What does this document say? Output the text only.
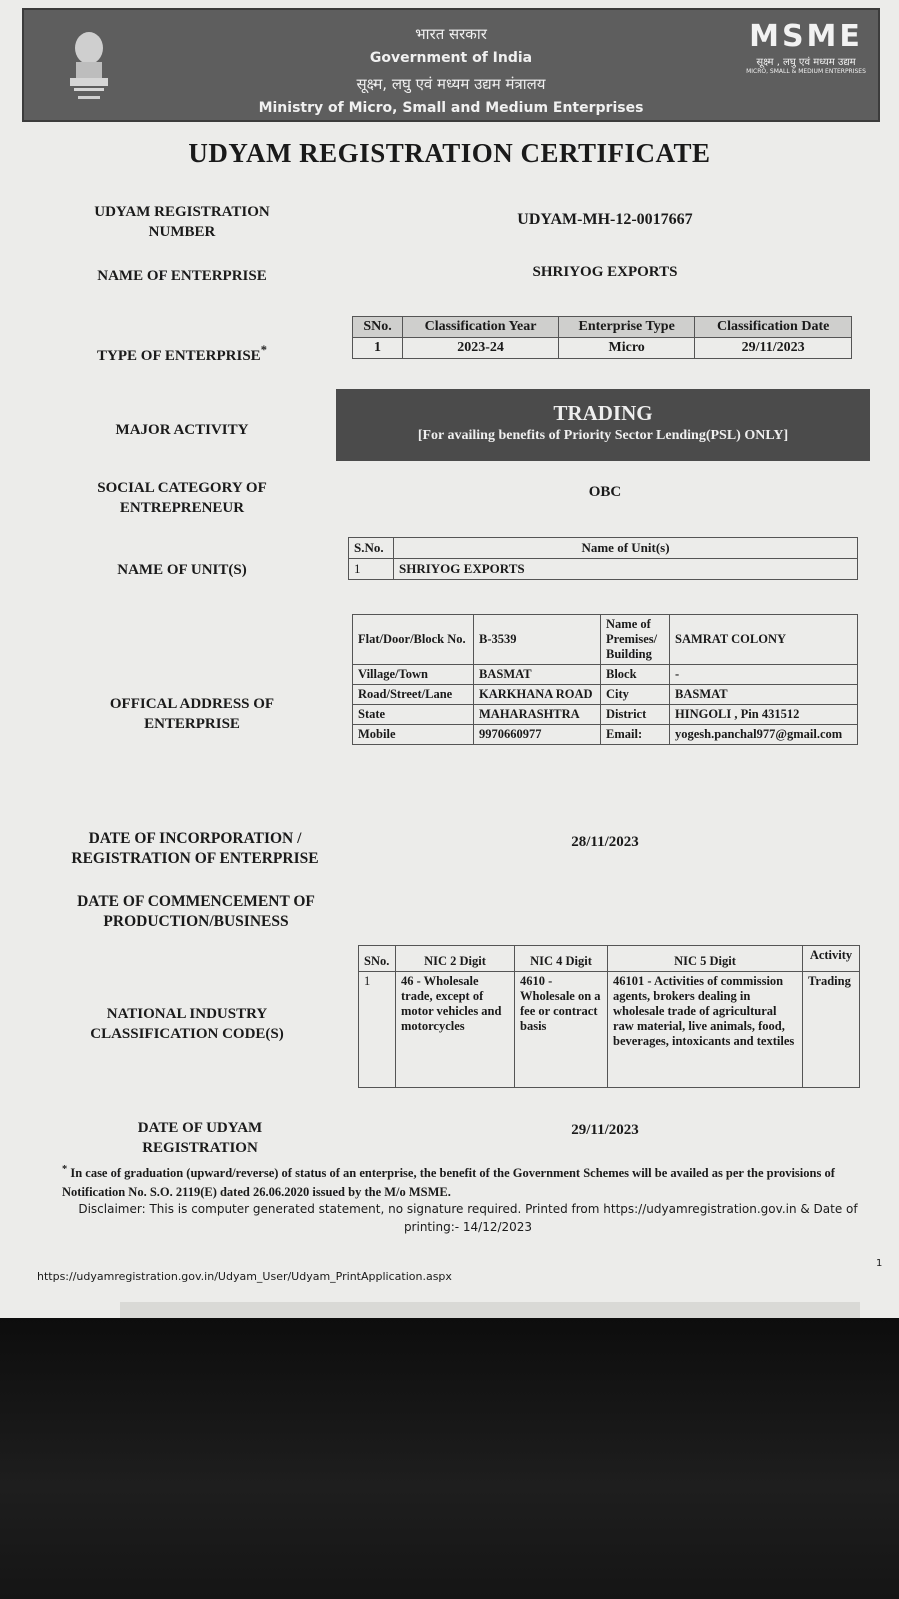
भारत सरकार
Government of India
सूक्ष्म, लघु एवं मध्यम उद्यम मंत्रालय
Ministry of Micro, Small and Medium Enterprises
MSME
सूक्ष्म , लघु एवं मध्यम उद्यम
MICRO, SMALL & MEDIUM ENTERPRISES
UDYAM REGISTRATION CERTIFICATE
UDYAM REGISTRATION NUMBER
UDYAM-MH-12-0017667
NAME OF ENTERPRISE	SHRIYOG EXPORTS
TYPE OF ENTERPRISE*
SNo.	Classification Year	Enterprise Type	Classification Date
1	2023-24	Micro	29/11/2023
MAJOR ACTIVITY
TRADING
[For availing benefits of Priority Sector Lending(PSL) ONLY]
SOCIAL CATEGORY OF ENTREPRENEUR
OBC
NAME OF UNIT(S)
S.No.	Name of Unit(s)
1	SHRIYOG EXPORTS
OFFICAL ADDRESS OF ENTERPRISE
Flat/Door/Block No.	B-3539	Name of Premises/ Building	SAMRAT COLONY
Village/Town	BASMAT	Block	-
Road/Street/Lane	KARKHANA ROAD	City	BASMAT
State	MAHARASHTRA	District	HINGOLI , Pin 431512
Mobile	9970660977	Email:	yogesh.panchal977@gmail.com
DATE OF INCORPORATION / REGISTRATION OF ENTERPRISE
28/11/2023
DATE OF COMMENCEMENT OF PRODUCTION/BUSINESS
NATIONAL INDUSTRY CLASSIFICATION CODE(S)
SNo.	NIC 2 Digit	NIC 4 Digit	NIC 5 Digit	Activity
1	46 - Wholesale trade, except of motor vehicles and motorcycles	4610 - Wholesale on a fee or contract basis	46101 - Activities of commission agents, brokers dealing in wholesale trade of agricultural raw material, live animals, food, beverages, intoxicants and textiles	Trading
DATE OF UDYAM REGISTRATION
29/11/2023
* In case of graduation (upward/reverse) of status of an enterprise, the benefit of the Government Schemes will be availed as per the provisions of Notification No. S.O. 2119(E) dated 26.06.2020 issued by the M/o MSME.
Disclaimer: This is computer generated statement, no signature required. Printed from https://udyamregistration.gov.in & Date of printing:- 14/12/2023
https://udyamregistration.gov.in/Udyam_User/Udyam_PrintApplication.aspx
1
